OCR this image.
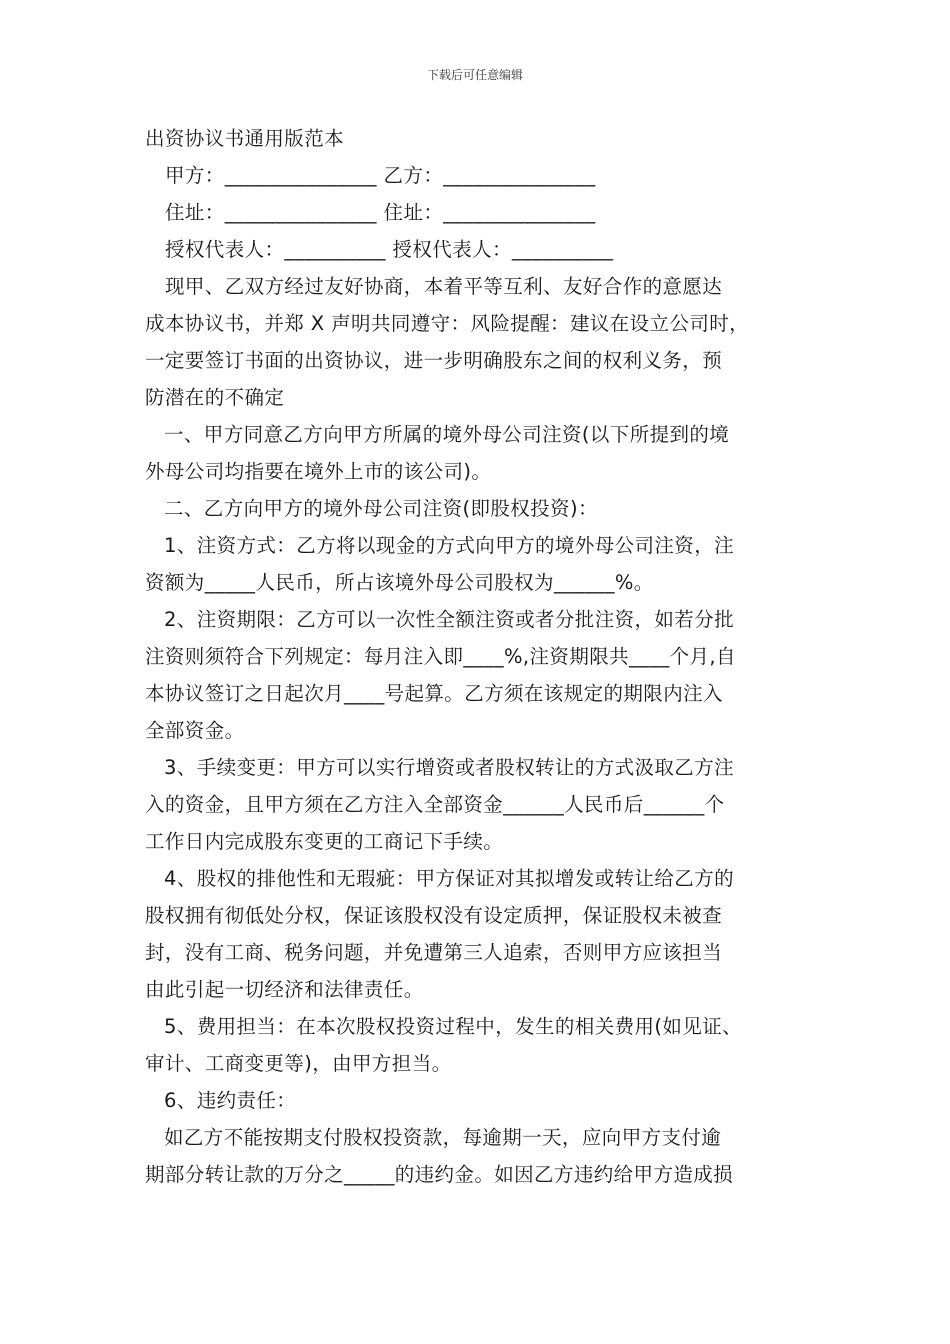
下载后可任意编辑
出资协议书通用版范本
甲方：_______________ 乙方：_______________
住址：_______________ 住址：_______________
授权代表人：__________ 授权代表人：__________
现甲、乙双方经过友好协商，本着平等互利、友好合作的意愿达
成本协议书，并郑 X 声明共同遵守：风险提醒：建议在设立公司时，
一定要签订书面的出资协议，进一步明确股东之间的权利义务，预
防潜在的不确定
一、甲方同意乙方向甲方所属的境外母公司注资(以下所提到的境
外母公司均指要在境外上市的该公司)。
二、乙方向甲方的境外母公司注资(即股权投资)：
1、注资方式：乙方将以现金的方式向甲方的境外母公司注资，注
资额为_____人民币，所占该境外母公司股权为______%。
2、注资期限：乙方可以一次性全额注资或者分批注资，如若分批
注资则须符合下列规定：每月注入即____%,注资期限共____个月,自
本协议签订之日起次月____号起算。乙方须在该规定的期限内注入
全部资金。
3、手续变更：甲方可以实行增资或者股权转让的方式汲取乙方注
入的资金，且甲方须在乙方注入全部资金______人民币后______个
工作日内完成股东变更的工商记下手续。
4、股权的排他性和无瑕疵：甲方保证对其拟增发或转让给乙方的
股权拥有彻低处分权，保证该股权没有设定质押，保证股权未被查
封，没有工商、税务问题，并免遭第三人追索，否则甲方应该担当
由此引起一切经济和法律责任。
5、费用担当：在本次股权投资过程中，发生的相关费用(如见证、
审计、工商变更等)，由甲方担当。
6、违约责任：
如乙方不能按期支付股权投资款，每逾期一天，应向甲方支付逾
期部分转让款的万分之_____的违约金。如因乙方违约给甲方造成损
